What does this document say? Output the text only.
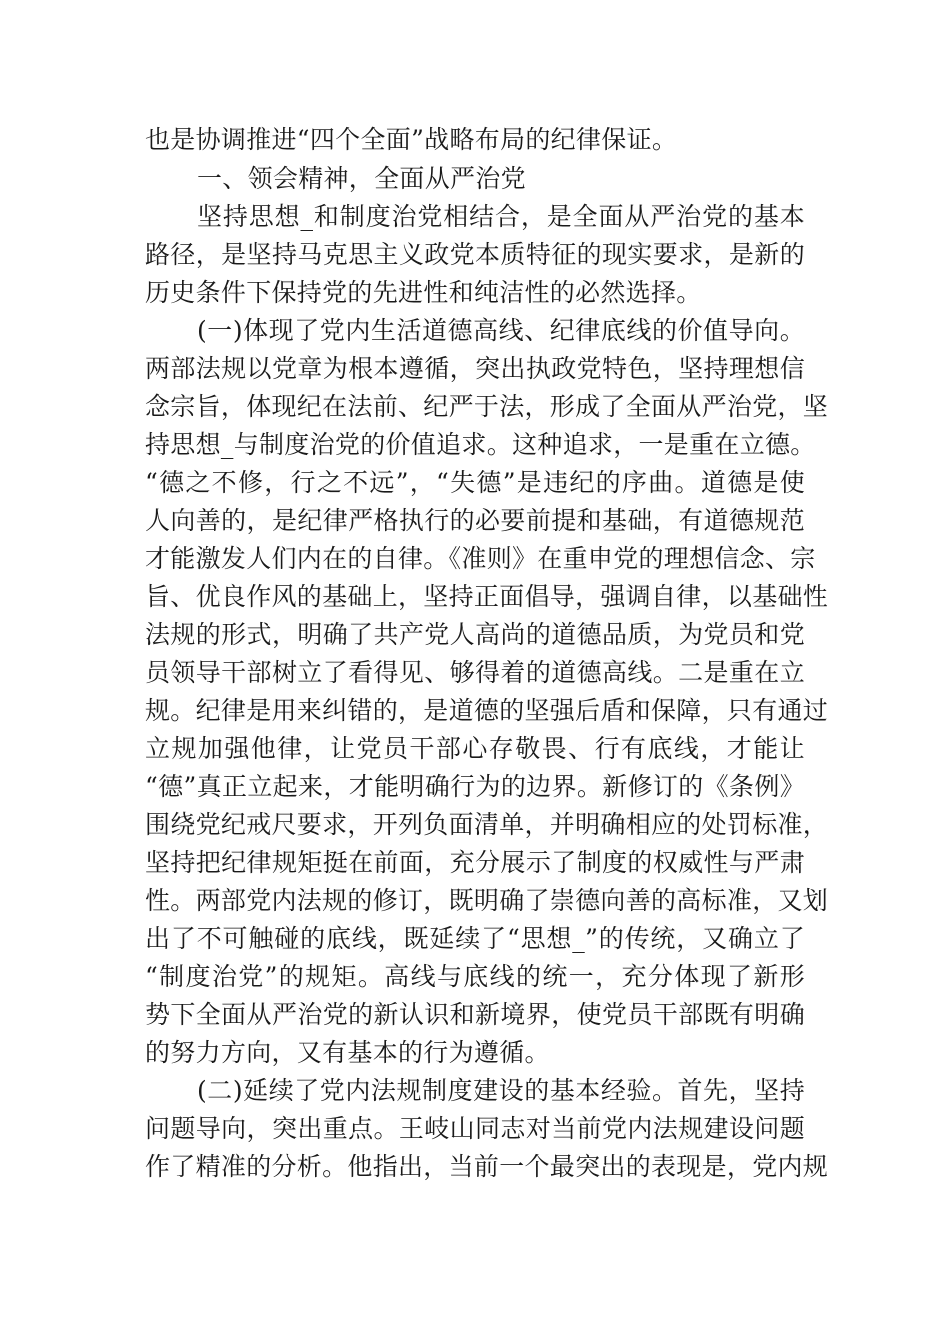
也是协调推进“四个全面”战略布局的纪律保证。
一、领会精神，全面从严治党
坚持思想_和制度治党相结合，是全面从严治党的基本
路径，是坚持马克思主义政党本质特征的现实要求，是新的
历史条件下保持党的先进性和纯洁性的必然选择。
(一)体现了党内生活道德高线、纪律底线的价值导向。
两部法规以党章为根本遵循，突出执政党特色，坚持理想信
念宗旨，体现纪在法前、纪严于法，形成了全面从严治党，坚
持思想_与制度治党的价值追求。这种追求，一是重在立德。
“德之不修，行之不远”，“失德”是违纪的序曲。道德是使
人向善的，是纪律严格执行的必要前提和基础，有道德规范
才能激发人们内在的自律。《准则》在重申党的理想信念、宗
旨、优良作风的基础上，坚持正面倡导，强调自律，以基础性
法规的形式，明确了共产党人高尚的道德品质，为党员和党
员领导干部树立了看得见、够得着的道德高线。二是重在立
规。纪律是用来纠错的，是道德的坚强后盾和保障，只有通过
立规加强他律，让党员干部心存敬畏、行有底线，才能让
“德”真正立起来，才能明确行为的边界。新修订的《条例》
围绕党纪戒尺要求，开列负面清单，并明确相应的处罚标准，
坚持把纪律规矩挺在前面，充分展示了制度的权威性与严肃
性。两部党内法规的修订，既明确了崇德向善的高标准，又划
出了不可触碰的底线，既延续了“思想_”的传统，又确立了
“制度治党”的规矩。高线与底线的统一，充分体现了新形
势下全面从严治党的新认识和新境界，使党员干部既有明确
的努力方向，又有基本的行为遵循。
(二)延续了党内法规制度建设的基本经验。首先，坚持
问题导向，突出重点。王岐山同志对当前党内法规建设问题
作了精准的分析。他指出，当前一个最突出的表现是，党内规
